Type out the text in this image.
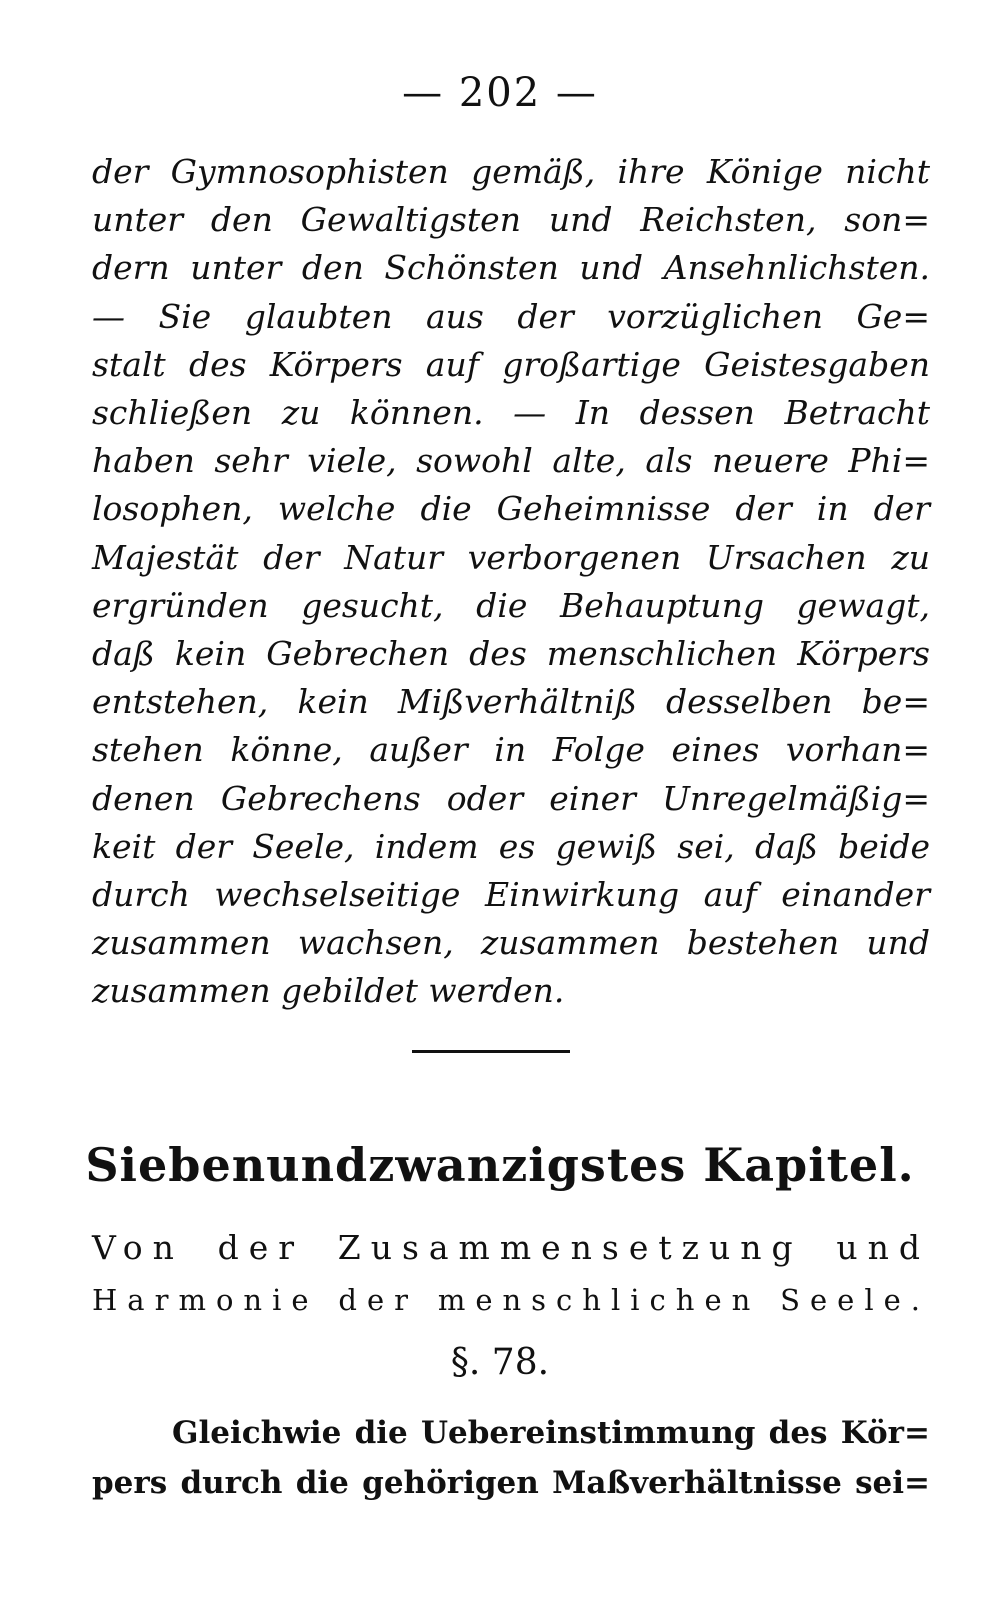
— 202 —
der Gymnosophisten gemäß, ihre Könige nicht
unter den Gewaltigsten und Reichsten, son=
dern unter den Schönsten und Ansehnlichsten.
— Sie glaubten aus der vorzüglichen Ge=
stalt des Körpers auf großartige Geistesgaben
schließen zu können. — In dessen Betracht
haben sehr viele, sowohl alte, als neuere Phi=
losophen, welche die Geheimnisse der in der
Majestät der Natur verborgenen Ursachen zu
ergründen gesucht, die Behauptung gewagt,
daß kein Gebrechen des menschlichen Körpers
entstehen, kein Mißverhältniß desselben be=
stehen könne, außer in Folge eines vorhan=
denen Gebrechens oder einer Unregelmäßig=
keit der Seele, indem es gewiß sei, daß beide
durch wechselseitige Einwirkung auf einander
zusammen wachsen, zusammen bestehen und
zusammen gebildet werden.
Siebenundzwanzigstes Kapitel.
Von der Zusammensetzung und
Harmonie der menschlichen Seele.
§. 78.
Gleichwie die Uebereinstimmung des Kör=
pers durch die gehörigen Maßverhältnisse sei=
